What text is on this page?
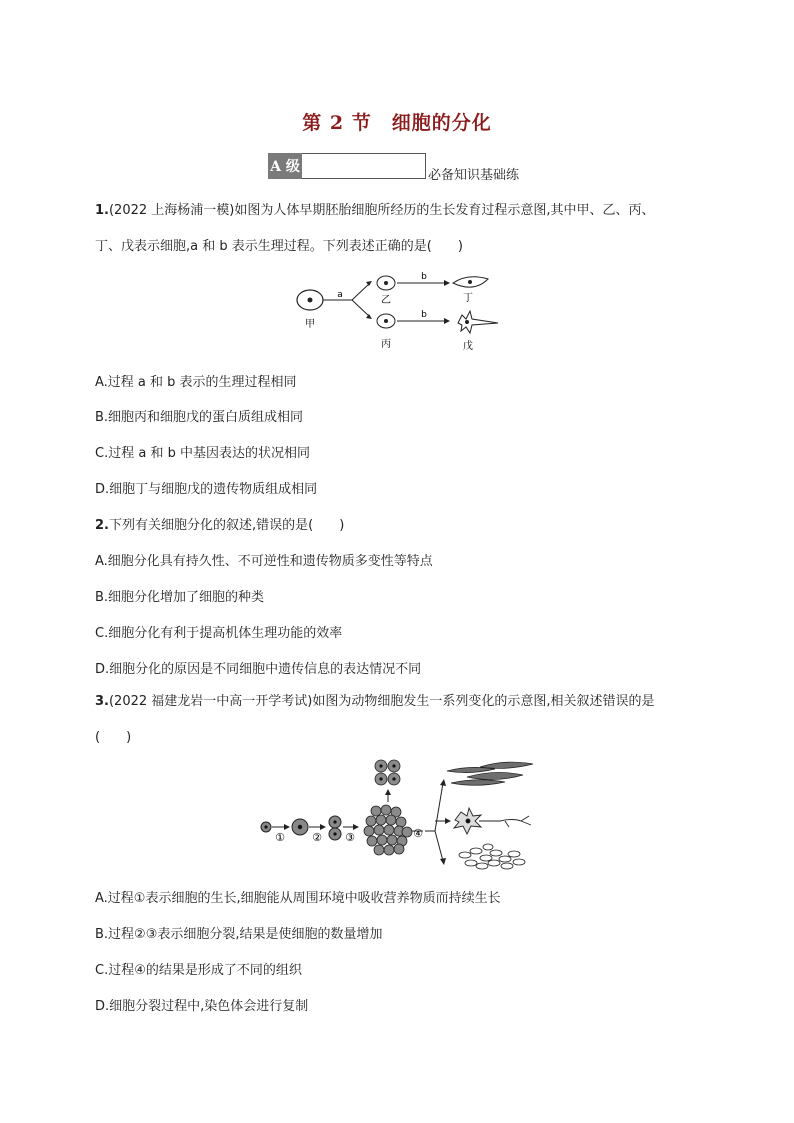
第 2 节　细胞的分化
A 级
必备知识基础练
1.(2022 上海杨浦一模)如图为人体早期胚胎细胞所经历的生长发育过程示意图,其中甲、乙、丙、
丁、戊表示细胞,a 和 b 表示生理过程。下列表述正确的是(　　)
甲
a	乙
丙
b
b
丁
戊
A.过程 a 和 b 表示的生理过程相同
B.细胞丙和细胞戊的蛋白质组成相同
C.过程 a 和 b 中基因表达的状况相同
D.细胞丁与细胞戊的遗传物质组成相同
2.下列有关细胞分化的叙述,错误的是(　　)
A.细胞分化具有持久性、不可逆性和遗传物质多变性等特点
B.细胞分化增加了细胞的种类
C.细胞分化有利于提高机体生理功能的效率
D.细胞分化的原因是不同细胞中遗传信息的表达情况不同
3.(2022 福建龙岩一中高一开学考试)如图为动物细胞发生一系列变化的示意图,相关叙述错误的是
(　　)
① ② ③	④
A.过程①表示细胞的生长,细胞能从周围环境中吸收营养物质而持续生长
B.过程②③表示细胞分裂,结果是使细胞的数量增加
C.过程④的结果是形成了不同的组织
D.细胞分裂过程中,染色体会进行复制
